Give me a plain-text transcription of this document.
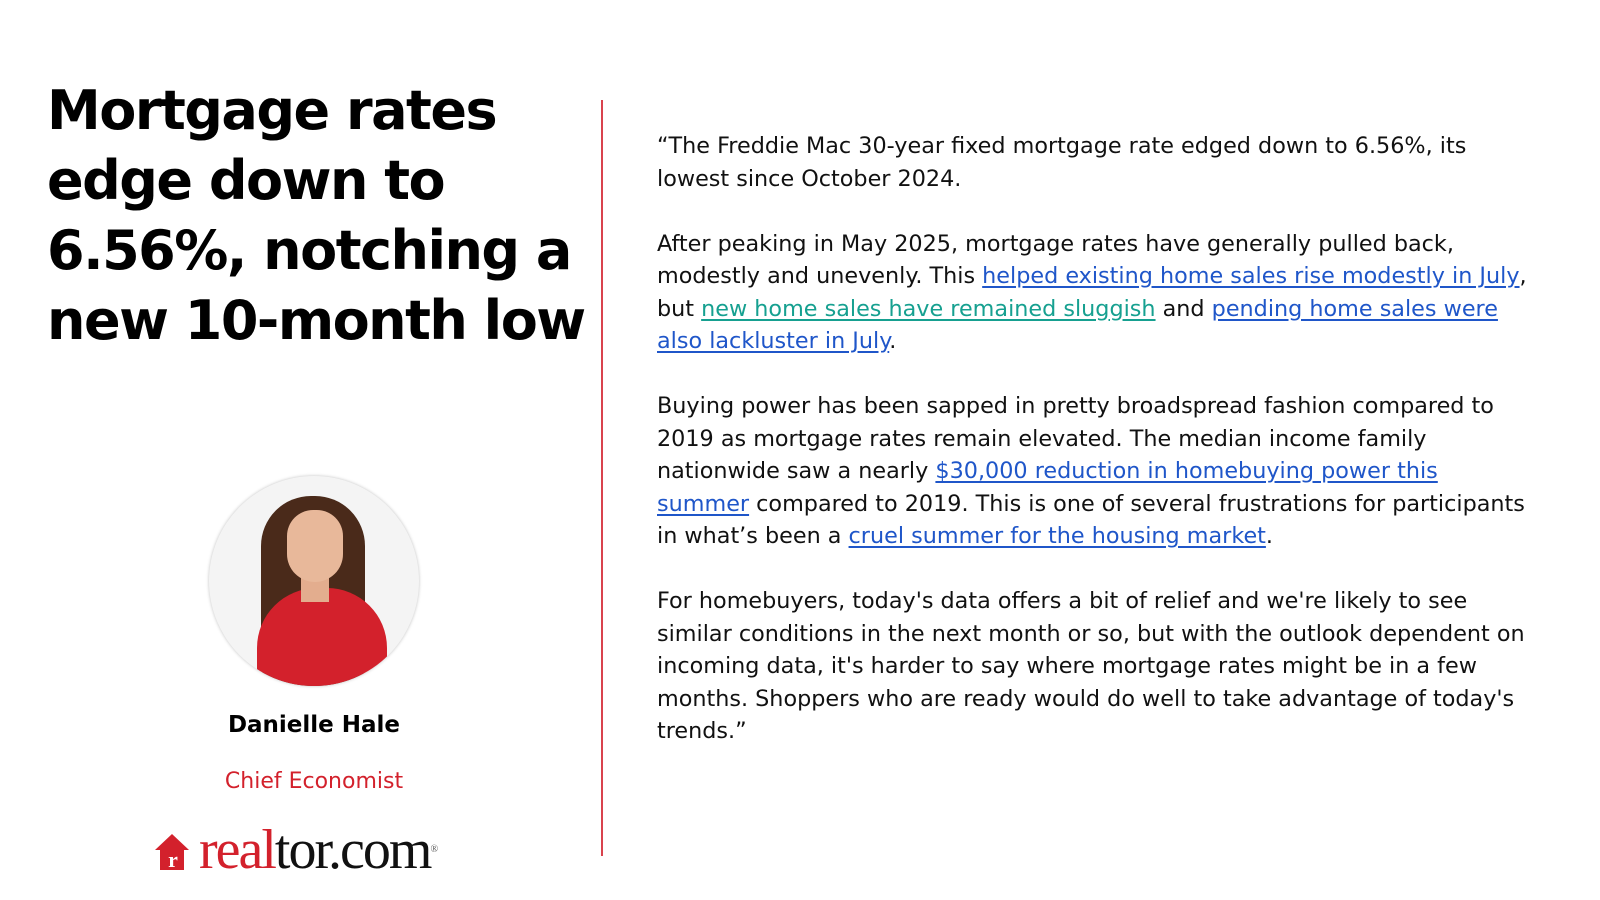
Mortgage rates edge down to 6.56%, notching a new 10-month low
Danielle Hale
Chief Economist
r real tor.com ®

“The Freddie Mac 30-year fixed mortgage rate edged down to 6.56%, its lowest since October 2024.

After peaking in May 2025, mortgage rates have generally pulled back, modestly and unevenly. This helped existing home sales rise modestly in July, but new home sales have remained sluggish and pending home sales were also lackluster in July.

Buying power has been sapped in pretty broadspread fashion compared to 2019 as mortgage rates remain elevated. The median income family nationwide saw a nearly $30,000 reduction in homebuying power this summer compared to 2019. This is one of several frustrations for participants in what’s been a cruel summer for the housing market.

For homebuyers, today's data offers a bit of relief and we're likely to see similar conditions in the next month or so, but with the outlook dependent on incoming data, it's harder to say where mortgage rates might be in a few months. Shoppers who are ready would do well to take advantage of today's trends.”
